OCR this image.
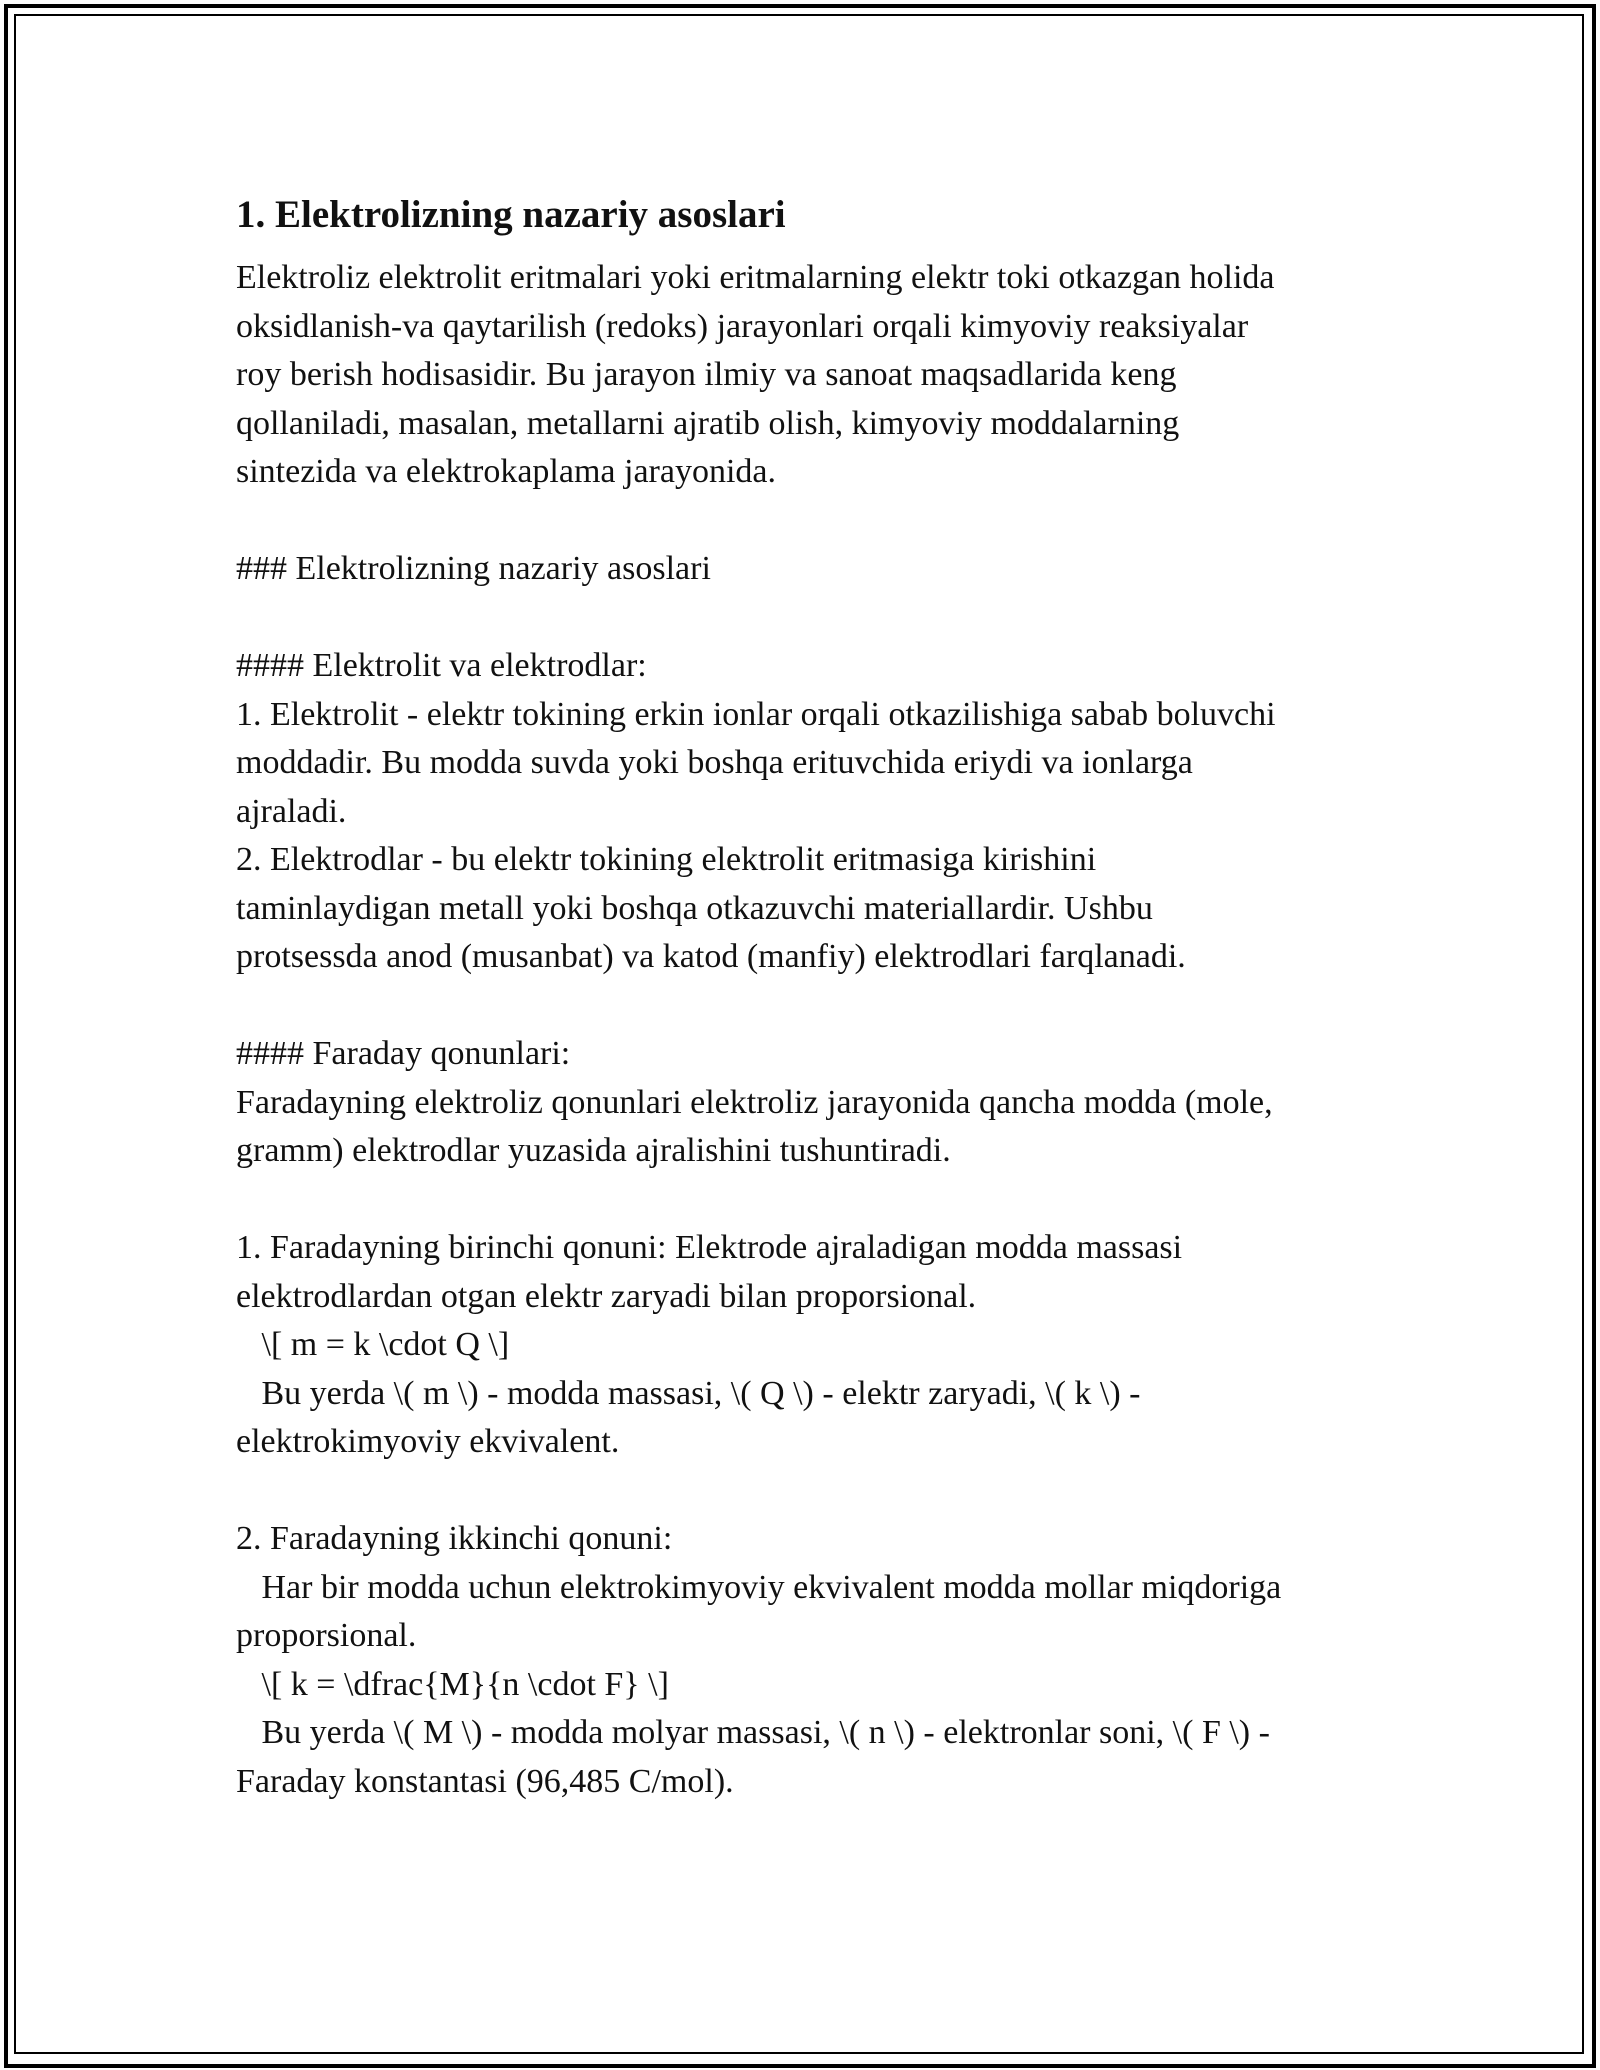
1. Elektrolizning nazariy asoslari
Elektroliz elektrolit eritmalari yoki eritmalarning elektr toki otkazgan holida
oksidlanish-va qaytarilish (redoks) jarayonlari orqali kimyoviy reaksiyalar
roy berish hodisasidir. Bu jarayon ilmiy va sanoat maqsadlarida keng
qollaniladi, masalan, metallarni ajratib olish, kimyoviy moddalarning
sintezida va elektrokaplama jarayonida.
### Elektrolizning nazariy asoslari
#### Elektrolit va elektrodlar:
1. Elektrolit - elektr tokining erkin ionlar orqali otkazilishiga sabab boluvchi
moddadir. Bu modda suvda yoki boshqa erituvchida eriydi va ionlarga
ajraladi.
2. Elektrodlar - bu elektr tokining elektrolit eritmasiga kirishini
taminlaydigan metall yoki boshqa otkazuvchi materiallardir. Ushbu
protsessda anod (musanbat) va katod (manfiy) elektrodlari farqlanadi.
#### Faraday qonunlari:
Faradayning elektroliz qonunlari elektroliz jarayonida qancha modda (mole,
gramm) elektrodlar yuzasida ajralishini tushuntiradi.
1. Faradayning birinchi qonuni: Elektrode ajraladigan modda massasi
elektrodlardan otgan elektr zaryadi bilan proporsional.
\[ m = k \cdot Q \]
Bu yerda \( m \) - modda massasi, \( Q \) - elektr zaryadi, \( k \) -
elektrokimyoviy ekvivalent.
2. Faradayning ikkinchi qonuni:
Har bir modda uchun elektrokimyoviy ekvivalent modda mollar miqdoriga
proporsional.
\[ k = \dfrac{M}{n \cdot F} \]
Bu yerda \( M \) - modda molyar massasi, \( n \) - elektronlar soni, \( F \) -
Faraday konstantasi (96,485 C/mol).
